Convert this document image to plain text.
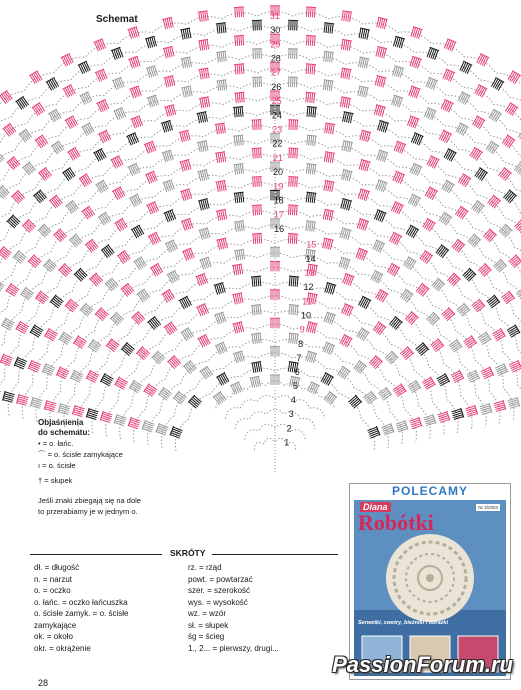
1
2
3
4
5
6
7
8
9
10
11
12
13
14
15
16
17
18
19
20
21
22
23
24
25
26
27
28
29
30
31
Schemat
Objaśnienia
do schematu:
• = o. łańc.
⌒ = o. ścisłe zamykające
ı = o. ścisłe
† = słupek
Jeśli znaki zbiegają się na dole to przerabiamy je w jednym o.
SKRÓTY
dł. = długość
n. = narzut
o. = oczko
o. łańc. = oczko łańcuszka
o. ścisłe zamyk. = o. ścisłe
zamykające
ok. = około
okr. = okrążenie
rz. = rząd
powt. = powtarzać
szer. = szerokość
wys. = wysokość
wz. = wzór
sł. = słupek
śg = ścieg
1., 2... = pierwszy, drugi...
POLECAMY
Diana
Robótki
Nr 2/2003
Serwetki, swetry, bieżniki i obrazki
28
PassionForum.ru
